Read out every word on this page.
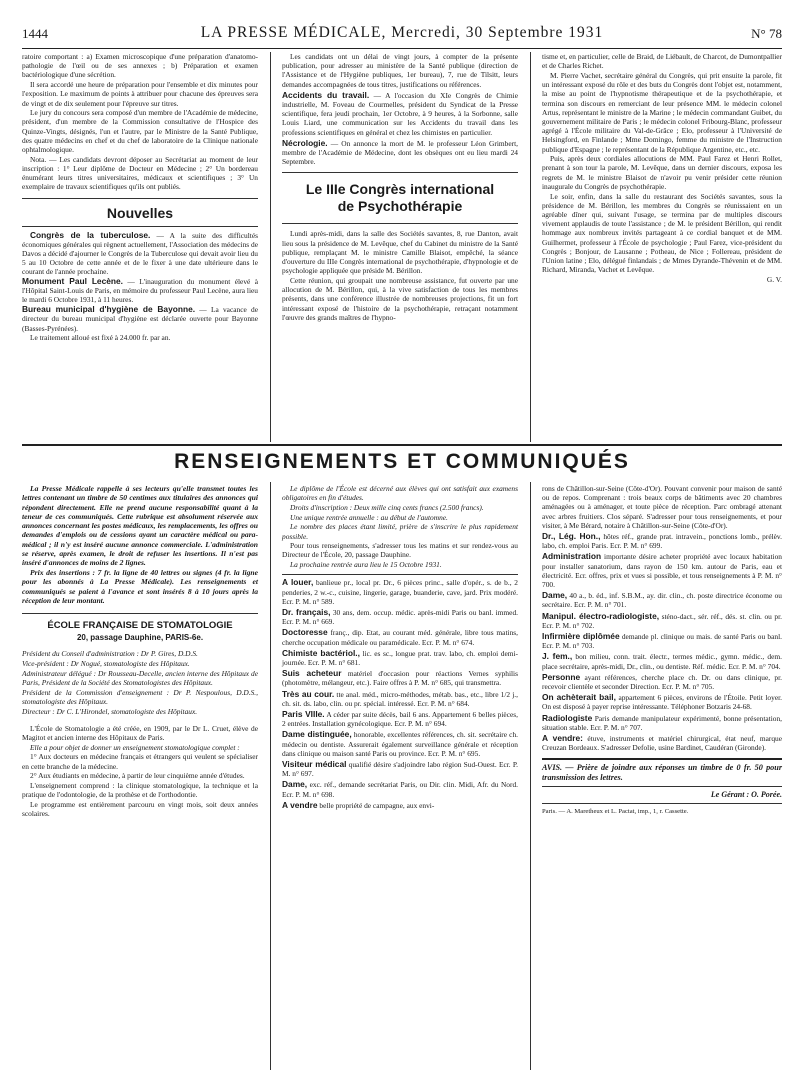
1444	LA PRESSE MÉDICALE, Mercredi, 30 Septembre 1931	N° 78

ratoire comportant : a) Examen microscopique d'une préparation d'anatomo-pathologie de l'œil ou de ses annexes ; b) Préparation et examen bactériologique d'une sécrétion.

Il sera accordé une heure de préparation pour l'ensemble et dix minutes pour l'exposition. Le maximum de points à attribuer pour chacune des épreuves sera de vingt et de dix seulement pour l'épreuve sur titres.

Le jury du concours sera composé d'un membre de l'Académie de médecine, président, d'un membre de la Commission consultative de l'Hospice des Quinze-Vingts, désignés, l'un et l'autre, par le Ministre de la Santé Publique, des quatre médecins en chef et du chef de laboratoire de la Clinique nationale ophtalmologique.

Nota. — Les candidats devront déposer au Secrétariat au moment de leur inscription : 1° Leur diplôme de Docteur en Médecine ; 2° Un bordereau énumérant leurs titres universitaires, médicaux et scientifiques ; 3° Un exemplaire de travaux scientifiques qu'ils ont publiés.

Nouvelles

Congrès de la tuberculose. — A la suite des difficultés économiques générales qui règnent actuellement, l'Association des médecins de Davos a décidé d'ajourner le Congrès de la Tuberculose qui devait avoir lieu du 5 au 10 Octobre de cette année et de le fixer à une date ultérieure dans le courant de l'année prochaine.

Monument Paul Lecène. — L'inauguration du monument élevé à l'Hôpital Saint-Louis de Paris, en mémoire du professeur Paul Lecène, aura lieu le mardi 6 Octobre 1931, à 11 heures.

Bureau municipal d'hygiène de Bayonne. — La vacance de directeur du bureau municipal d'hygiène est déclarée ouverte pour Bayonne (Basses-Pyrénées).

Le traitement alloué est fixé à 24.000 fr. par an.

Les candidats ont un délai de vingt jours, à compter de la présente publication, pour adresser au ministère de la Santé publique (direction de l'Assistance et de l'Hygiène publiques, 1er bureau), 7, rue de Tilsitt, leurs demandes accompagnées de tous titres, justifications ou références.

Accidents du travail. — A l'occasion du XIe Congrès de Chimie industrielle, M. Foveau de Courmelles, président du Syndicat de la Presse scientifique, fera jeudi prochain, 1er Octobre, à 9 heures, à la Sorbonne, salle Louis Liard, une communication sur les Accidents du travail dans les professions scientifiques en général et chez les chimistes en particulier.

Nécrologie. — On annonce la mort de M. le professeur Léon Grimbert, membre de l'Académie de Médecine, dont les obsèques ont eu lieu mardi 24 Septembre.

Le IIIe Congrès international
de Psychothérapie

Lundi après-midi, dans la salle des Sociétés savantes, 8, rue Danton, avait lieu sous la présidence de M. Levêque, chef du Cabinet du ministre de la Santé publique, remplaçant M. le ministre Camille Blaisot, empêché, la séance d'ouverture du IIIe Congrès international de psychothérapie, d'hypnologie et de psychologie appliquée que préside M. Bérillon.

Cette réunion, qui groupait une nombreuse assistance, fut ouverte par une allocution de M. Bérillon, qui, à la vive satisfaction de tous les membres présents, dans une conférence illustrée de nombreuses projections, fit un fort intéressant exposé de l'histoire de la psychothérapie, retraçant notamment l'œuvre des grands maîtres de l'hypno-

tisme et, en particulier, celle de Braid, de Liébault, de Charcot, de Dumontpallier et de Charles Richet.

M. Pierre Vachet, secrétaire général du Congrès, qui prit ensuite la parole, fit un intéressant exposé du rôle et des buts du Congrès dont l'objet est, notamment, la mise au point de l'hypnotisme thérapeutique et de la psychothérapie, et termina son discours en remerciant de leur présence MM. le médecin colonel Artus, représentant le ministre de la Marine ; le médecin commandant Guibet, du gouvernement militaire de Paris ; le médecin colonel Fribourg-Blanc, professeur agrégé à l'École militaire du Val-de-Grâce ; Elo, professeur à l'Université de Helsingford, en Finlande ; Mme Domingo, femme du ministre de l'Instruction publique d'Espagne ; le représentant de la République Argentine, etc., etc.

Puis, après deux cordiales allocutions de MM. Paul Farez et Henri Rollet, prenant à son tour la parole, M. Levêque, dans un dernier discours, exposa les regrets de M. le ministre Blaisot de n'avoir pu venir présider cette réunion inaugurale du Congrès de psychothérapie.

Le soir, enfin, dans la salle du restaurant des Sociétés savantes, sous la présidence de M. Bérillon, les membres du Congrès se réunissaient en un agréable dîner qui, suivant l'usage, se termina par de multiples discours vivement applaudis de toute l'assistance ; de M. le président Bérillon, qui rendit hommage aux nombreux invités partageant à ce cordial banquet et de MM. Guilhermet, professeur à l'École de psychologie ; Paul Farez, vice-président du Congrès ; Bonjour, de Lausanne ; Potheau, de Nice ; Follereau, président de l'Union latine ; Elo, délégué finlandais ; de Mmes Dyrande-Thévenin et de MM. Richard, Miranda, Vachet et Levêque.

G. V.

RENSEIGNEMENTS ET COMMUNIQUÉS

La Presse Médicale rappelle à ses lecteurs qu'elle transmet toutes les lettres contenant un timbre de 50 centimes aux titulaires des annonces qui répondent directement. Elle ne prend aucune responsabilité quant à la teneur de ces communiqués. Cette rubrique est absolument réservée aux annonces concernant les postes médicaux, les remplacements, les offres ou demandes d'emplois ou de cessions ayant un caractère médical ou para-médical ; il n'y est inséré aucune annonce commerciale. L'administration se réserve, après examen, le droit de refuser les insertions. Il n'est pas inséré d'annonces de moins de 2 lignes.

Prix des insertions : 7 fr. la ligne de 40 lettres ou signes (4 fr. la ligne pour les abonnés à La Presse Médicale). Les renseignements et communiqués se paient à l'avance et sont insérés 8 à 10 jours après la réception de leur montant.

ÉCOLE FRANÇAISE DE STOMATOLOGIE
20, passage Dauphine, PARIS-6e.

Président du Conseil d'administration : Dr P. Gires, D.D.S.

Vice-président : Dr Nogué, stomatologiste des Hôpitaux.

Administrateur délégué : Dr Rousseau-Decelle, ancien interne des Hôpitaux de Paris, Président de la Société des Stomatologistes des Hôpitaux.

Président de la Commission d'enseignement : Dr P. Nespoulous, D.D.S., stomatologiste des Hôpitaux.

Directeur : Dr C. L'Hirondel, stomatologiste des Hôpitaux.

L'École de Stomatologie a été créée, en 1909, par le Dr L. Cruet, élève de Magitot et ancien interne des Hôpitaux de Paris.

Elle a pour objet de donner un enseignement stomatologique complet :

1° Aux docteurs en médecine français et étrangers qui veulent se spécialiser en cette branche de la médecine.

2° Aux étudiants en médecine, à partir de leur cinquième année d'études.

L'enseignement comprend : la clinique stomatologique, la technique et la pratique de l'odontologie, de la prothèse et de l'orthodontie.

Le programme est entièrement parcouru en vingt mois, soit deux années scolaires.

Le diplôme de l'École est décerné aux élèves qui ont satisfait aux examens obligatoires en fin d'études.

Droits d'inscription : Deux mille cinq cents francs (2.500 francs).

Une unique rentrée annuelle : au début de l'automne.

Le nombre des places étant limité, prière de s'inscrire le plus rapidement possible.

Pour tous renseignements, s'adresser tous les matins et sur rendez-vous au Directeur de l'École, 20, passage Dauphine.

La prochaine rentrée aura lieu le 15 Octobre 1931.

A louer, banlieue pr., local pr. Dr., 6 pièces princ., salle d'opér., s. de b., 2 penderies, 2 w.-c., cuisine, lingerie, garage, buanderie, cave, jard. Prix modéré. Ecr. P. M. n° 589.

Dr. français, 30 ans, dem. occup. médic. après-midi Paris ou banl. immed. Ecr. P. M. n° 669.

Doctoresse franç., dip. Etat, au courant méd. générale, libre tous matins, cherche occupation médicale ou paramédicale. Ecr. P. M. n° 674.

Chimiste bactériol., lic. es sc., longue prat. trav. labo, ch. emploi demi-journée. Ecr. P. M. n° 681.

Suis acheteur matériel d'occasion pour réactions Vernes syphilis (photomètre, mélangeur, etc.). Faire offres à P. M. n° 685, qui transmettra.

Très au cour. tte anal. méd., micro-méthodes, métab. bas., etc., libre 1/2 j., ch. sit. ds. labo, clin. ou pr. spécial. intéressé. Ecr. P. M. n° 684.

Paris VIIIe. A céder par suite décès, bail 6 ans. Appartement 6 belles pièces, 2 entrées. Installation gynécologique. Ecr. P. M. n° 694.

Dame distinguée, honorable, excellentes références, ch. sit. secrétaire ch. médecin ou dentiste. Assurerait également surveillance générale et réception dans clinique ou maison santé Paris ou province. Ecr. P. M. n° 695.

Visiteur médical qualifié désire s'adjoindre labo région Sud-Ouest. Ecr. P. M. n° 697.

Dame, exc. réf., demande secrétariat Paris, ou Dir. clin. Midi, Afr. du Nord. Ecr. P. M. n° 698.

A vendre belle propriété de campagne, aux envi-

rons de Châtillon-sur-Seine (Côte-d'Or). Pouvant convenir pour maison de santé ou de repos. Comprenant : trois beaux corps de bâtiments avec 20 chambres aménagées ou à aménager, et toute pièce de réception. Parc ombragé attenant avec arbres fruitiers. Clos séparé. S'adresser pour tous renseignements, et pour visiter, à Me Bérard, notaire à Châtillon-sur-Seine (Côte-d'Or).

Dr., Lég. Hon., hôtes réf., grande prat. intravein., ponctions lomb., prélèv. labo, ch. emploi Paris. Ecr. P. M. n° 699.

Administration importante désire acheter propriété avec locaux habitation pour installer sanatorium, dans rayon de 150 km. autour de Paris, eau et électricité. Ecr. offres, prix et vues si possible, et tous renseignements à P. M. n° 700.

Dame, 40 a., b. éd., inf. S.B.M., ay. dir. clin., ch. poste directrice économe ou secrétaire. Ecr. P. M. n° 701.

Manipul. électro-radiologiste, sténo-dact., sér. réf., dés. st. clin. ou pr. Ecr. P. M. n° 702.

Infirmière diplômée demande pl. clinique ou mais. de santé Paris ou banl. Ecr. P. M. n° 703.

J. fem., bon milieu, conn. trait. électr., termes médic., gymn. médic., dem. place secrétaire, après-midi, Dr., clin., ou dentiste. Réf. médic. Ecr. P. M. n° 704.

Personne ayant références, cherche place ch. Dr. ou dans clinique, pr. recevoir clientèle et seconder Direction. Ecr. P. M. n° 705.

On achèterait bail, appartement 6 pièces, environs de l'Étoile. Petit loyer. On est disposé à payer reprise intéressante. Téléphoner Botzaris 24-68.

Radiologiste Paris demande manipulateur expérimenté, bonne présentation, situation stable. Ecr. P. M. n° 707.

A vendre: étuve, instruments et matériel chirurgical, état neuf, marque Creuzan Bordeaux. S'adresser Defolie, usine Bardinet, Caudéran (Gironde).

AVIS. — Prière de joindre aux réponses un timbre de 0 fr. 50 pour transmission des lettres.

Le Gérant : O. Porée.

Paris. — A. Maretheux et L. Pactat, imp., 1, r. Cassette.
